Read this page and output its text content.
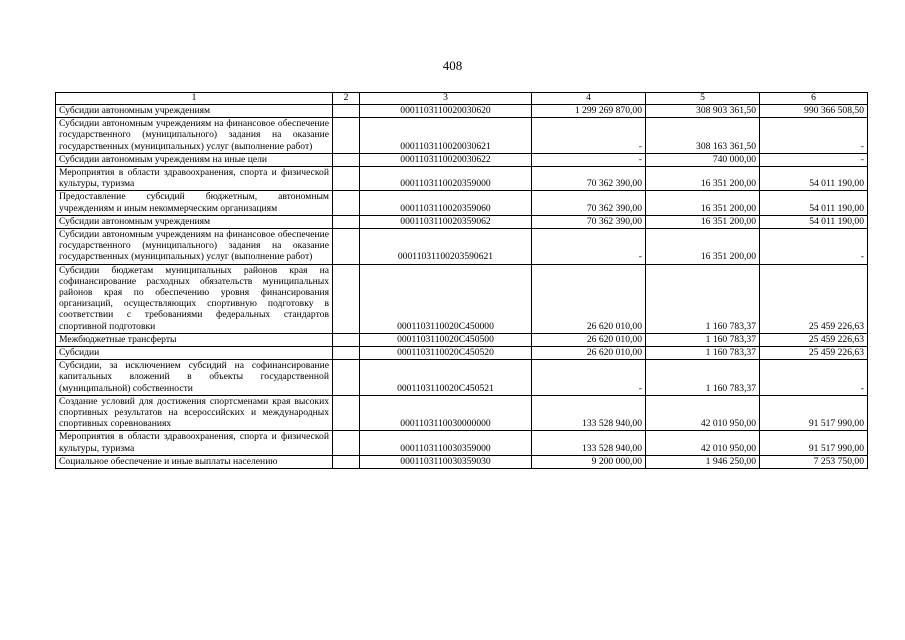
408
1	2	3	4	5	6
Субсидии автономным учреждениям		0001103110020030620	1 299 269 870,00	308 903 361,50	990 366 508,50
Субсидии автономным учреждениям на финансовое обеспечение государственного (муниципального) задания на оказание государственных (муниципальных) услуг (выполнение работ)		0001103110020030621	-	308 163 361,50	-
Субсидии автономным учреждениям на иные цели		0001103110020030622	-	740 000,00	-
Мероприятия в области здравоохранения, спорта и физической культуры, туризма		0001103110020359000	70 362 390,00	16 351 200,00	54 011 190,00
Предоставление субсидий бюджетным, автономным учреждениям и иным некоммерческим организациям		0001103110020359060	70 362 390,00	16 351 200,00	54 011 190,00
Субсидии автономным учреждениям		0001103110020359062	70 362 390,00	16 351 200,00	54 011 190,00
Субсидии автономным учреждениям на финансовое обеспечение государственного (муниципального) задания на оказание государственных (муниципальных) услуг (выполнение работ)		00011031100203590621	-	16 351 200,00	-
Субсидии бюджетам муниципальных районов края на софинансирование расходных обязательств муниципальных районов края по обеспечению уровня финансирования организаций, осуществляющих спортивную подготовку в соответствии с требованиями федеральных стандартов спортивной подготовки		0001103110020С450000	26 620 010,00	1 160 783,37	25 459 226,63
Межбюджетные трансферты		0001103110020С450500	26 620 010,00	1 160 783,37	25 459 226,63
Субсидии		0001103110020С450520	26 620 010,00	1 160 783,37	25 459 226,63
Субсидии, за исключением субсидий на софинансирование капитальных вложений в объекты государственной (муниципальной) собственности		0001103110020С450521	-	1 160 783,37	-
Создание условий для достижения спортсменами края высоких спортивных результатов на всероссийских и международных спортивных соревнованиях		0001103110030000000	133 528 940,00	42 010 950,00	91 517 990,00
Мероприятия в области здравоохранения, спорта и физической культуры, туризма		0001103110030359000	133 528 940,00	42 010 950,00	91 517 990,00
Социальное обеспечение и иные выплаты населению		0001103110030359030	9 200 000,00	1 946 250,00	7 253 750,00
